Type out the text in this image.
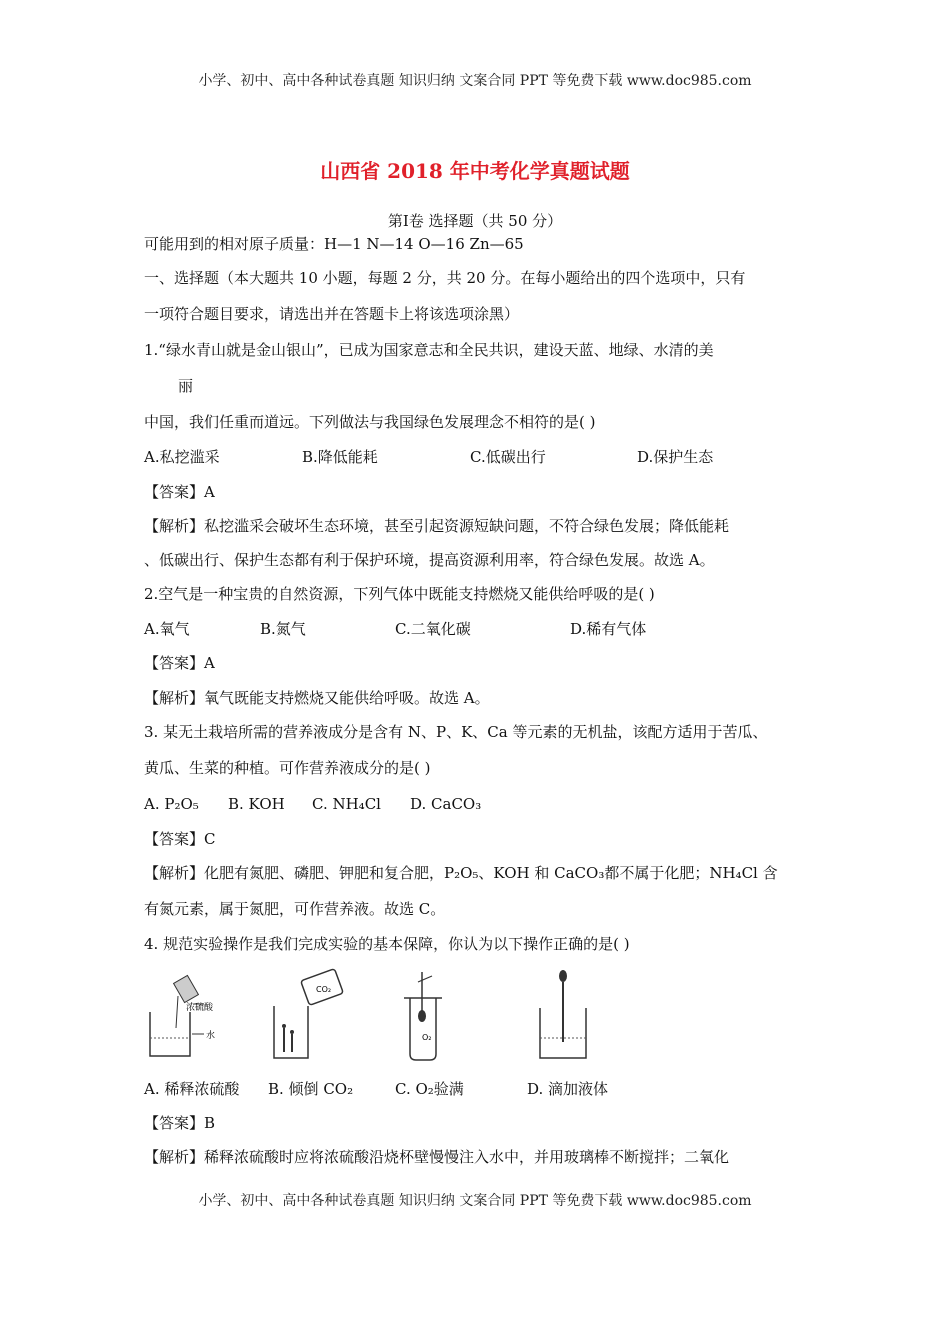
小学、初中、高中各种试卷真题 知识归纳 文案合同 PPT 等免费下载 www.doc985.com
山西省 2018 年中考化学真题试题
第Ⅰ卷 选择题（共 50 分）
可能用到的相对原子质量：H—1 N—14 O—16 Zn—65
一、选择题（本大题共 10 小题，每题 2 分，共 20 分。在每小题给出的四个选项中，只有
一项符合题目要求，请选出并在答题卡上将该选项涂黑）
1.“绿水青山就是金山银山”，已成为国家意志和全民共识，建设天蓝、地绿、水清的美
丽
中国，我们任重而道远。下列做法与我国绿色发展理念不相符的是( )
A.私挖滥采	B.降低能耗	C.低碳出行	D.保护生态
【答案】A
【解析】私挖滥采会破坏生态环境，甚至引起资源短缺问题，不符合绿色发展；降低能耗
、低碳出行、保护生态都有利于保护环境，提高资源利用率，符合绿色发展。故选 A。
2.空气是一种宝贵的自然资源，下列气体中既能支持燃烧又能供给呼吸的是( )
A.氧气	B.氮气	C.二氧化碳	D.稀有气体
【答案】A
【解析】氧气既能支持燃烧又能供给呼吸。故选 A。
3. 某无土栽培所需的营养液成分是含有 N、P、K、Ca 等元素的无机盐，该配方适用于苦瓜、
黄瓜、生菜的种植。可作营养液成分的是( )
A. P₂O₅ B. KOH C. NH₄Cl D. CaCO₃
【答案】C
【解析】化肥有氮肥、磷肥、钾肥和复合肥，P₂O₅、KOH 和 CaCO₃都不属于化肥；NH₄Cl 含
有氮元素，属于氮肥，可作营养液。故选 C。
4. 规范实验操作是我们完成实验的基本保障，你认为以下操作正确的是( )
浓硫酸
水
CO₂
O₂
A. 稀释浓硫酸 B. 倾倒 CO₂	C. O₂验满	D. 滴加液体
【答案】B
【解析】稀释浓硫酸时应将浓硫酸沿烧杯壁慢慢注入水中，并用玻璃棒不断搅拌；二氧化
小学、初中、高中各种试卷真题 知识归纳 文案合同 PPT 等免费下载 www.doc985.com
